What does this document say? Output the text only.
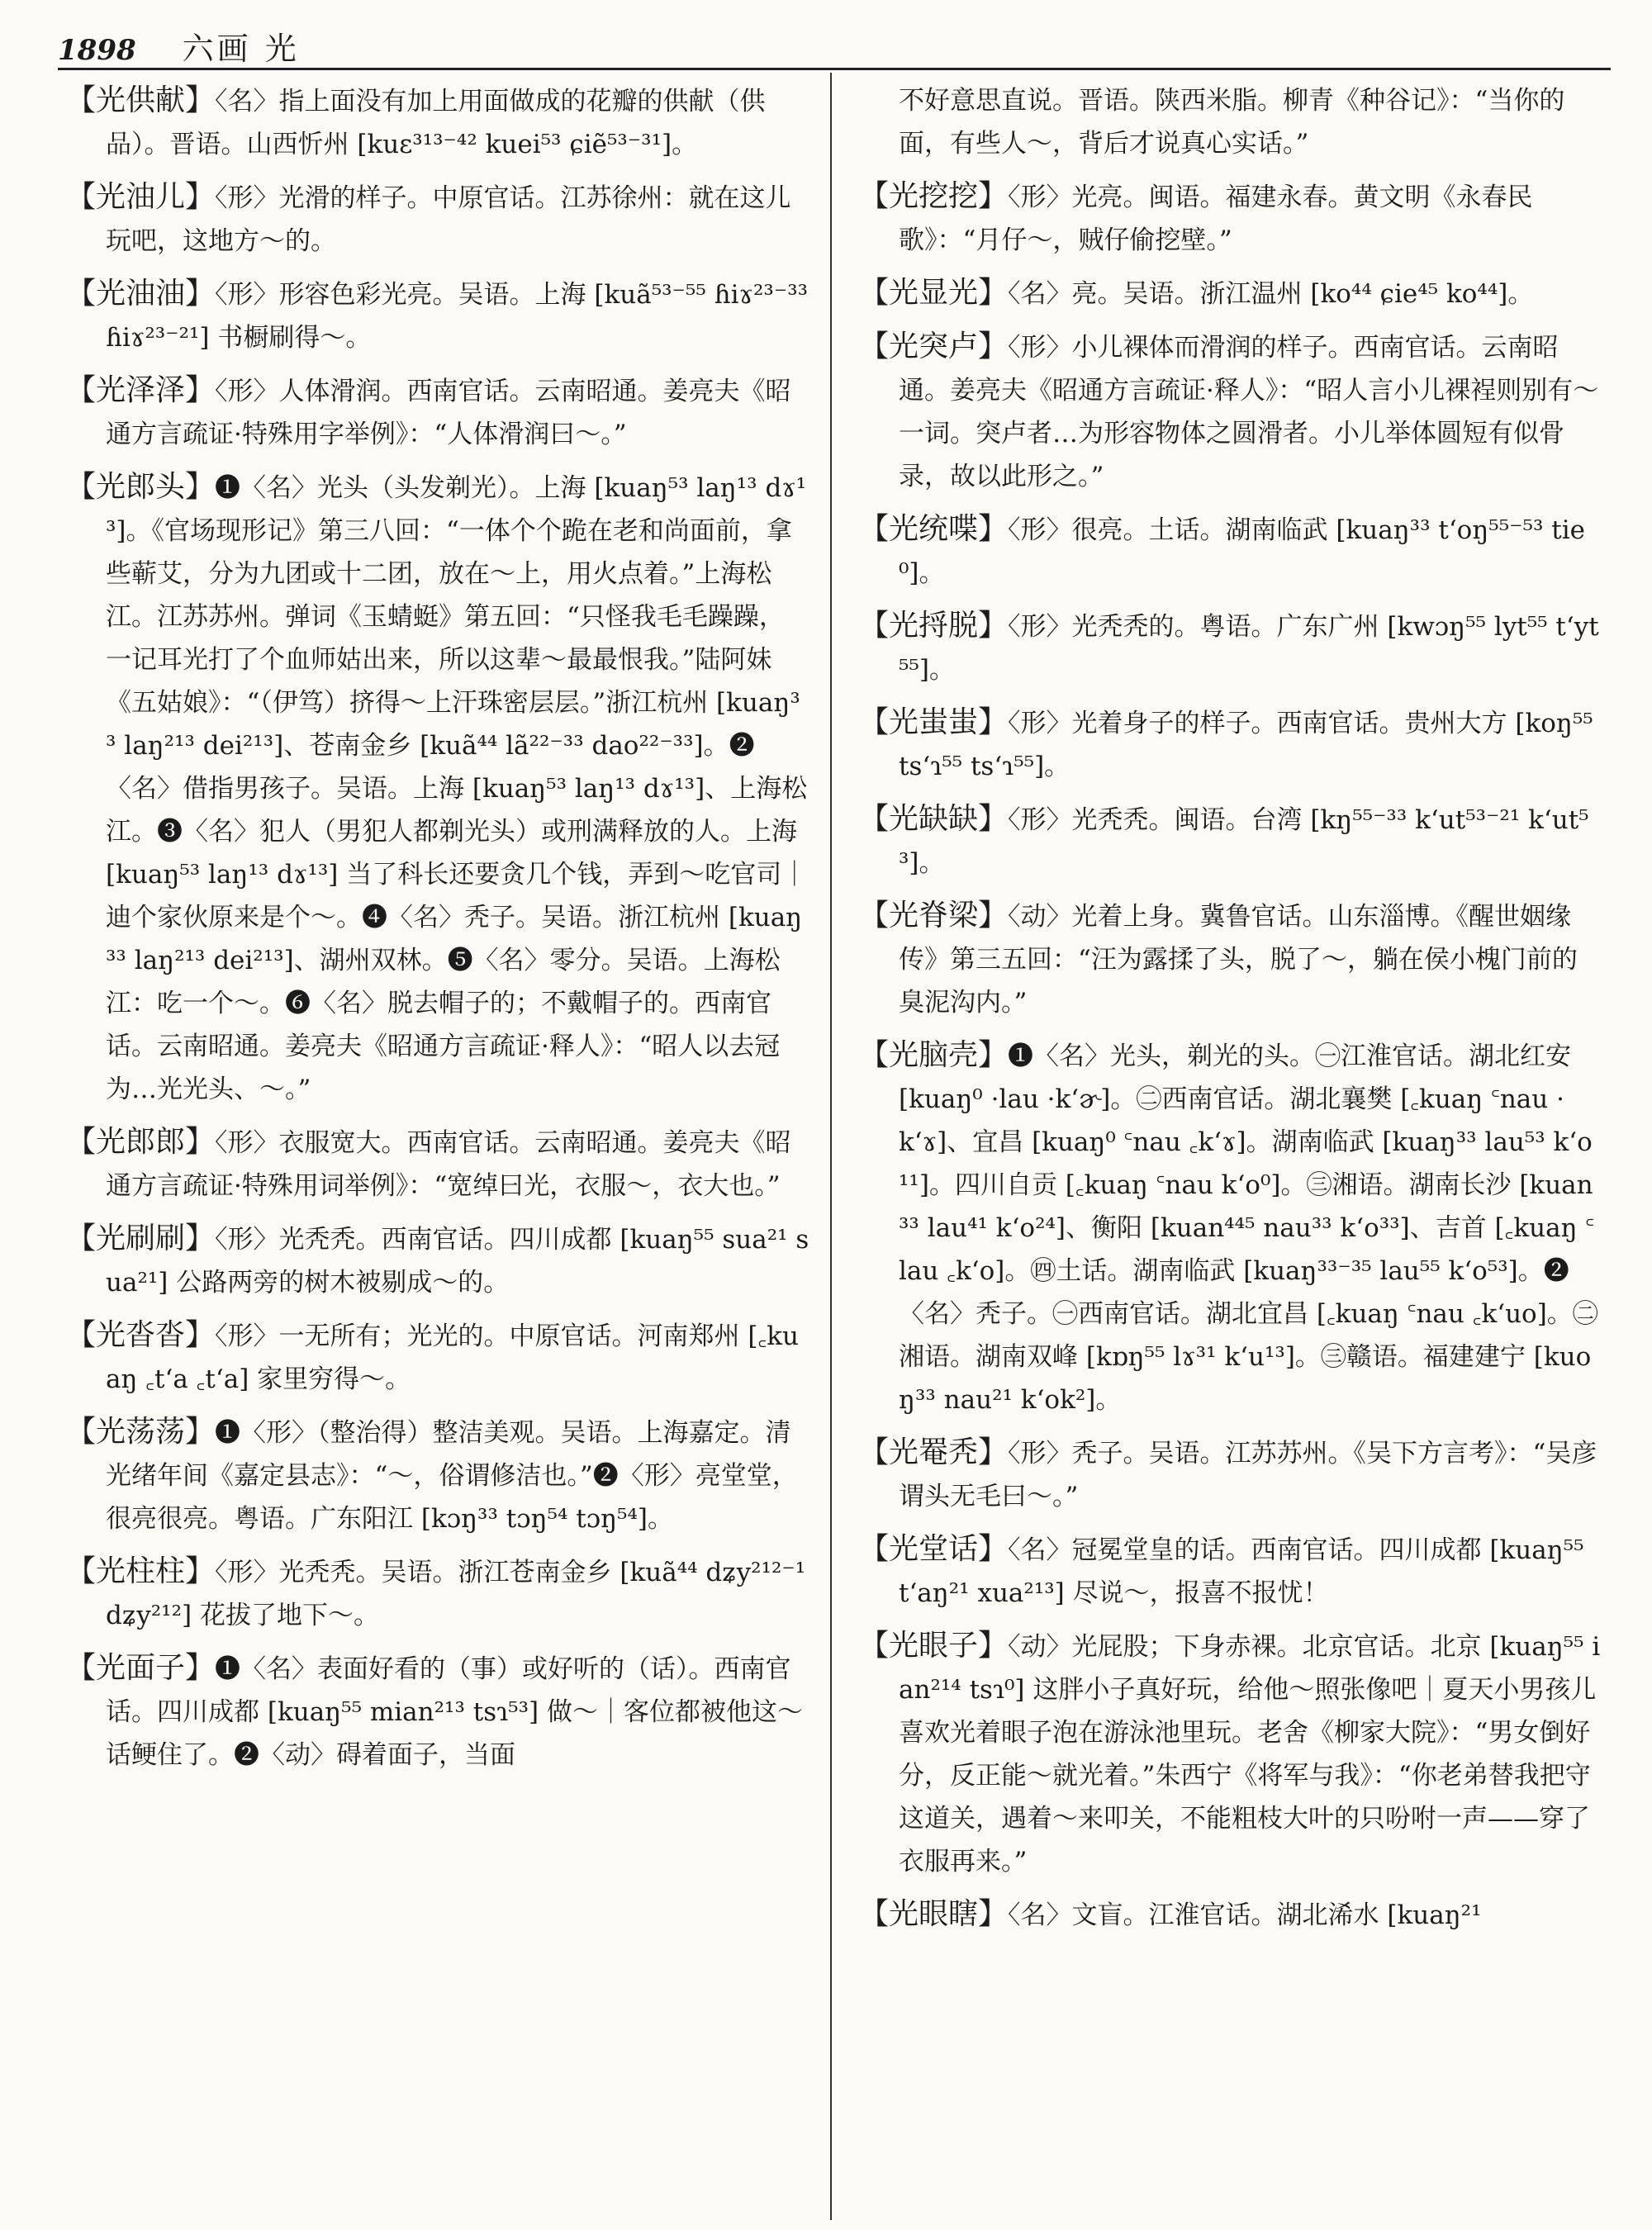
1898 六画 光

【光供献】〈名〉指上面没有加上用面做成的花瓣的供献（供品）。晋语。山西忻州 [kuɛ³¹³⁻⁴² kuei⁵³ ɕiẽ⁵³⁻³¹]。

【光油儿】〈形〉光滑的样子。中原官话。江苏徐州：就在这儿玩吧，这地方～的。

【光油油】〈形〉形容色彩光亮。吴语。上海 [kuã⁵³⁻⁵⁵ ɦiɤ²³⁻³³ ɦiɤ²³⁻²¹] 书橱刷得～。

【光泽泽】〈形〉人体滑润。西南官话。云南昭通。姜亮夫《昭通方言疏证·特殊用字举例》：“人体滑润曰～。”

【光郎头】❶〈名〉光头（头发剃光）。上海 [kuaŋ⁵³ laŋ¹³ dɤ¹³]。《官场现形记》第三八回：“一体个个跪在老和尚面前，拿些蕲艾，分为九团或十二团，放在～上，用火点着。”上海松江。江苏苏州。弹词《玉蜻蜓》第五回：“只怪我毛毛躁躁，一记耳光打了个血师姑出来，所以这辈～最最恨我。”陆阿妹《五姑娘》：“（伊笃）挤得～上汗珠密层层。”浙江杭州 [kuaŋ³³ laŋ²¹³ dei²¹³]、苍南金乡 [kuã⁴⁴ lã²²⁻³³ dao²²⁻³³]。❷〈名〉借指男孩子。吴语。上海 [kuaŋ⁵³ laŋ¹³ dɤ¹³]、上海松江。❸〈名〉犯人（男犯人都剃光头）或刑满释放的人。上海 [kuaŋ⁵³ laŋ¹³ dɤ¹³] 当了科长还要贪几个钱，弄到～吃官司｜迪个家伙原来是个～。❹〈名〉秃子。吴语。浙江杭州 [kuaŋ³³ laŋ²¹³ dei²¹³]、湖州双林。❺〈名〉零分。吴语。上海松江：吃一个～。❻〈名〉脱去帽子的；不戴帽子的。西南官话。云南昭通。姜亮夫《昭通方言疏证·释人》：“昭人以去冠为…光光头、～。”

【光郎郎】〈形〉衣服宽大。西南官话。云南昭通。姜亮夫《昭通方言疏证·特殊用词举例》：“宽绰曰光，衣服～，衣大也。”

【光刷刷】〈形〉光秃秃。西南官话。四川成都 [kuaŋ⁵⁵ sua²¹ sua²¹] 公路两旁的树木被剔成～的。

【光沓沓】〈形〉一无所有；光光的。中原官话。河南郑州 [꜀kuaŋ ꜀t‘a ꜀t‘a] 家里穷得～。

【光荡荡】❶〈形〉（整治得）整洁美观。吴语。上海嘉定。清光绪年间《嘉定县志》：“～，俗谓修洁也。”❷〈形〉亮堂堂，很亮很亮。粤语。广东阳江 [kɔŋ³³ tɔŋ⁵⁴ tɔŋ⁵⁴]。

【光柱柱】〈形〉光秃秃。吴语。浙江苍南金乡 [kuã⁴⁴ dʑy²¹²⁻¹ dʑy²¹²] 花拔了地下～。

【光面子】❶〈名〉表面好看的（事）或好听的（话）。西南官话。四川成都 [kuaŋ⁵⁵ mian²¹³ tsɿ⁵³] 做～｜客位都被他这～话鲠住了。❷〈动〉碍着面子，当面

不好意思直说。晋语。陕西米脂。柳青《种谷记》：“当你的面，有些人～，背后才说真心实话。”

【光挖挖】〈形〉光亮。闽语。福建永春。黄文明《永春民歌》：“月仔～，贼仔偷挖壁。”

【光显光】〈名〉亮。吴语。浙江温州 [ko⁴⁴ ɕie⁴⁵ ko⁴⁴]。

【光突卢】〈形〉小儿裸体而滑润的样子。西南官话。云南昭通。姜亮夫《昭通方言疏证·释人》：“昭人言小儿裸裎则别有～一词。突卢者…为形容物体之圆滑者。小儿举体圆短有似骨录，故以此形之。”

【光统喋】〈形〉很亮。土话。湖南临武 [kuaŋ³³ t‘oŋ⁵⁵⁻⁵³ tie⁰]。

【光捋脱】〈形〉光秃秃的。粤语。广东广州 [kwɔŋ⁵⁵ lyt⁵⁵ t‘yt⁵⁵]。

【光蚩蚩】〈形〉光着身子的样子。西南官话。贵州大方 [koŋ⁵⁵ ts‘ɿ⁵⁵ ts‘ɿ⁵⁵]。

【光缺缺】〈形〉光秃秃。闽语。台湾 [kŋ⁵⁵⁻³³ k‘ut⁵³⁻²¹ k‘ut⁵³]。

【光脊梁】〈动〉光着上身。冀鲁官话。山东淄博。《醒世姻缘传》第三五回：“汪为露揉了头，脱了～，躺在侯小槐门前的臭泥沟内。”

【光脑壳】❶〈名〉光头，剃光的头。㊀江淮官话。湖北红安 [kuaŋ⁰ ·lau ·k‘ɚ]。㊁西南官话。湖北襄樊 [꜀kuaŋ ꜂nau ·k‘ɤ]、宜昌 [kuaŋ⁰ ꜂nau ꜀k‘ɤ]。湖南临武 [kuaŋ³³ lau⁵³ k‘o¹¹]。四川自贡 [꜀kuaŋ ꜂nau k‘o⁰]。㊂湘语。湖南长沙 [kuan³³ lau⁴¹ k‘o²⁴]、衡阳 [kuan⁴⁴⁵ nau³³ k‘o³³]、吉首 [꜀kuaŋ ꜂lau ꜀k‘o]。㊃土话。湖南临武 [kuaŋ³³⁻³⁵ lau⁵⁵ k‘o⁵³]。❷〈名〉秃子。㊀西南官话。湖北宜昌 [꜀kuaŋ ꜂nau ꜀k‘uo]。㊁湘语。湖南双峰 [kɒŋ⁵⁵ lɤ³¹ k‘u¹³]。㊂赣语。福建建宁 [kuoŋ³³ nau²¹ k‘ok²]。

【光罨秃】〈形〉秃子。吴语。江苏苏州。《吴下方言考》：“吴彦谓头无毛曰～。”

【光堂话】〈名〉冠冕堂皇的话。西南官话。四川成都 [kuaŋ⁵⁵ t‘aŋ²¹ xua²¹³] 尽说～，报喜不报忧！

【光眼子】〈动〉光屁股；下身赤裸。北京官话。北京 [kuaŋ⁵⁵ ian²¹⁴ tsɿ⁰] 这胖小子真好玩，给他～照张像吧｜夏天小男孩儿喜欢光着眼子泡在游泳池里玩。老舍《柳家大院》：“男女倒好分，反正能～就光着。”朱西宁《将军与我》：“你老弟替我把守这道关，遇着～来叩关，不能粗枝大叶的只吩咐一声——穿了衣服再来。”

【光眼瞎】〈名〉文盲。江淮官话。湖北浠水 [kuaŋ²¹
